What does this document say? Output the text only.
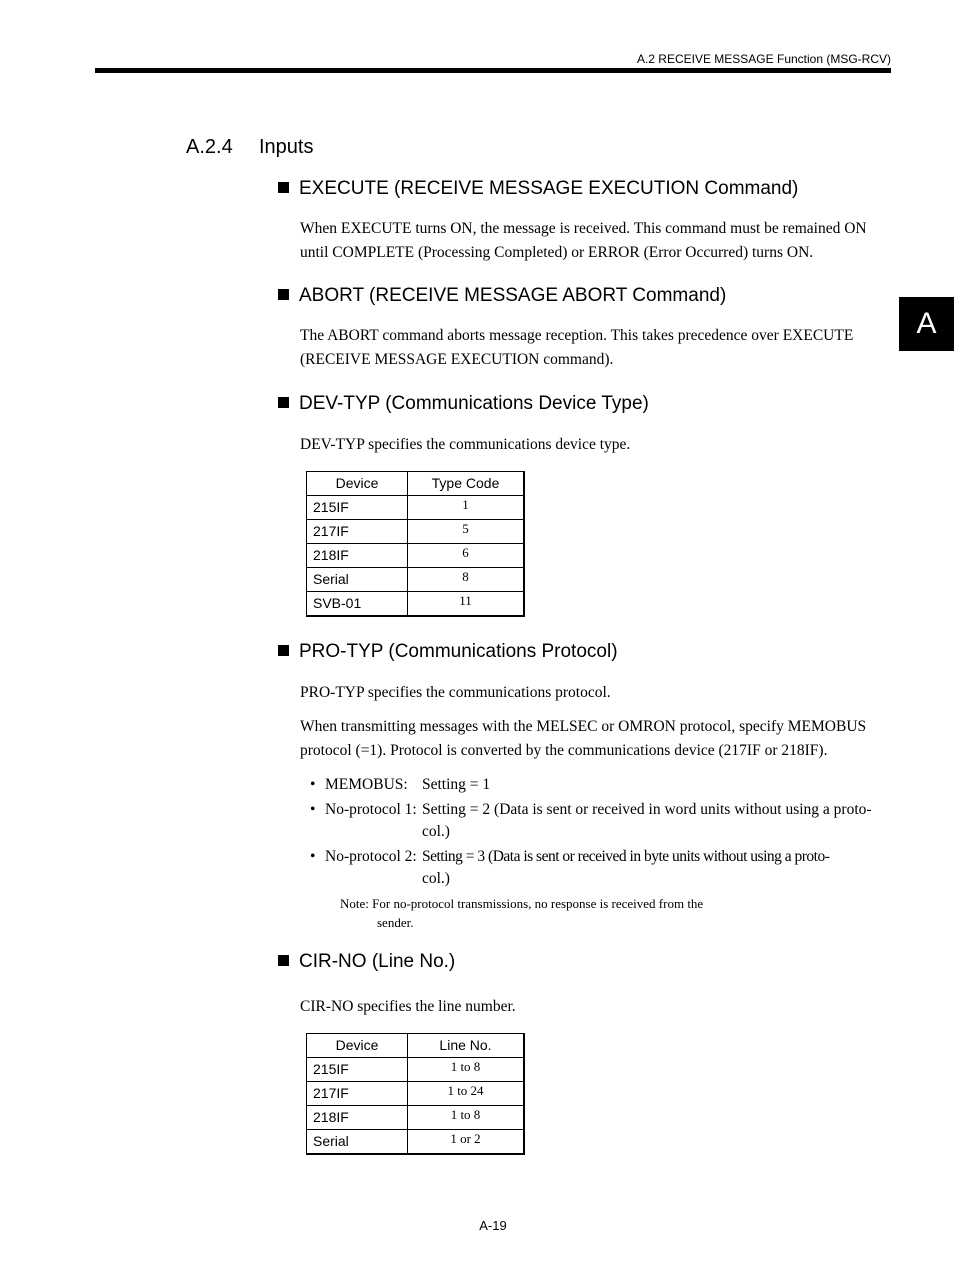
A.2 RECEIVE MESSAGE Function (MSG-RCV)
A
A.2.4 Inputs
EXECUTE (RECEIVE MESSAGE EXECUTION Command)
When EXECUTE turns ON, the message is received. This command must be remained ON
until COMPLETE (Processing Completed) or ERROR (Error Occurred) turns ON.
ABORT (RECEIVE MESSAGE ABORT Command)
The ABORT command aborts message reception. This takes precedence over EXECUTE
(RECEIVE MESSAGE EXECUTION command).
DEV-TYP (Communications Device Type)
DEV-TYP specifies the communications device type.
Device	Type Code
215IF	1
217IF	5
218IF	6
Serial	8
SVB-01	11
PRO-TYP (Communications Protocol)
PRO-TYP specifies the communications protocol.
When transmitting messages with the MELSEC or OMRON protocol, specify MEMOBUS
protocol (=1). Protocol is converted by the communications device (217IF or 218IF).
• MEMOBUS: Setting = 1
• No-protocol 1: Setting = 2 (Data is sent or received in word units without using a proto-
col.)
• No-protocol 2: Setting = 3 (Data is sent or received in byte units without using a proto-
col.)
Note: For no-protocol transmissions, no response is received from the
sender.
CIR-NO (Line No.)
CIR-NO specifies the line number.
Device	Line No.
215IF	1 to 8
217IF	1 to 24
218IF	1 to 8
Serial	1 or 2
A-19
